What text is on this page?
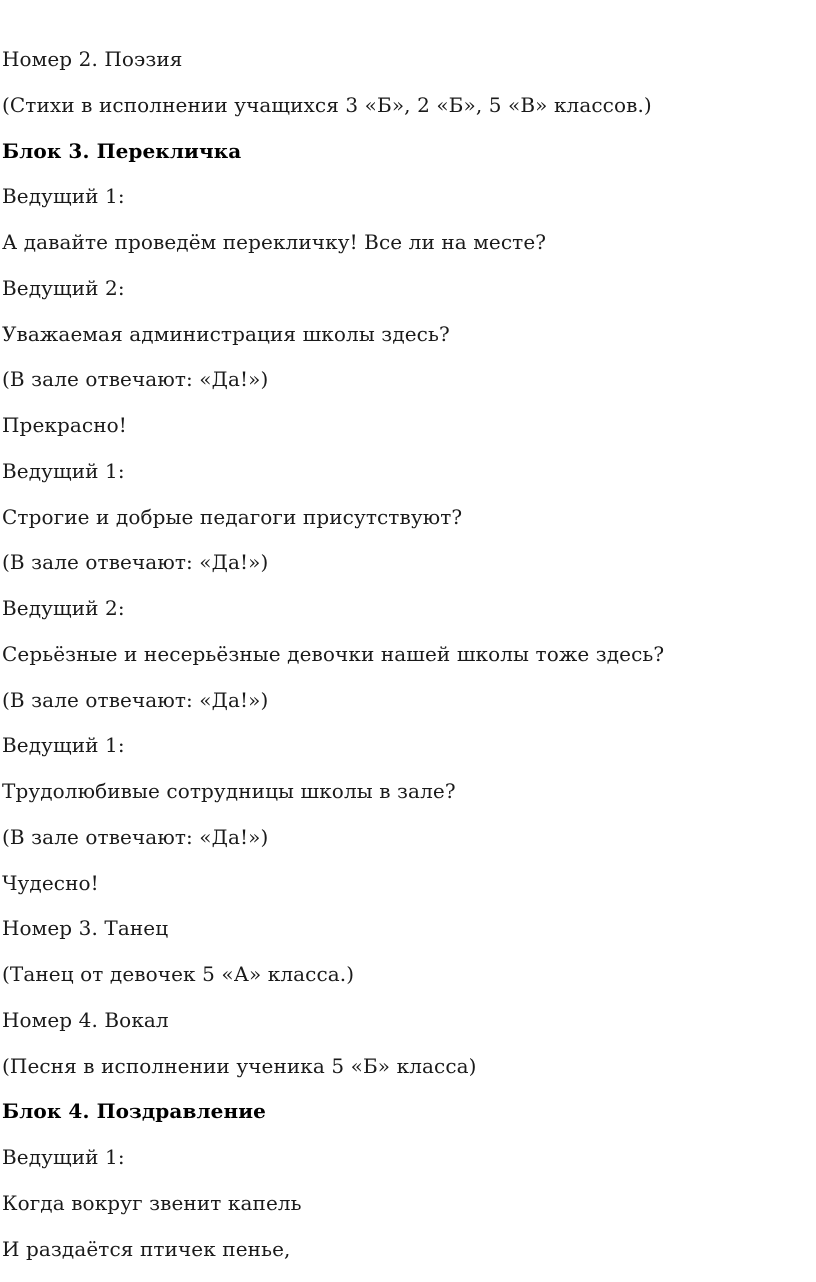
Номер 2. Поэзия

(Стихи в исполнении учащихся 3 «Б», 2 «Б», 5 «В» классов.)

Блок 3. Перекличка

Ведущий 1:

А давайте проведём перекличку! Все ли на месте?

Ведущий 2:

Уважаемая администрация школы здесь?

(В зале отвечают: «Да!»)

Прекрасно!

Ведущий 1:

Строгие и добрые педагоги присутствуют?

(В зале отвечают: «Да!»)

Ведущий 2:

Серьёзные и несерьёзные девочки нашей школы тоже здесь?

(В зале отвечают: «Да!»)

Ведущий 1:

Трудолюбивые сотрудницы школы в зале?

(В зале отвечают: «Да!»)

Чудесно!

Номер 3. Танец

(Танец от девочек 5 «А» класса.)

Номер 4. Вокал

(Песня в исполнении ученика 5 «Б» класса)

Блок 4. Поздравление

Ведущий 1:

Когда вокруг звенит капель

И раздаётся птичек пенье,
